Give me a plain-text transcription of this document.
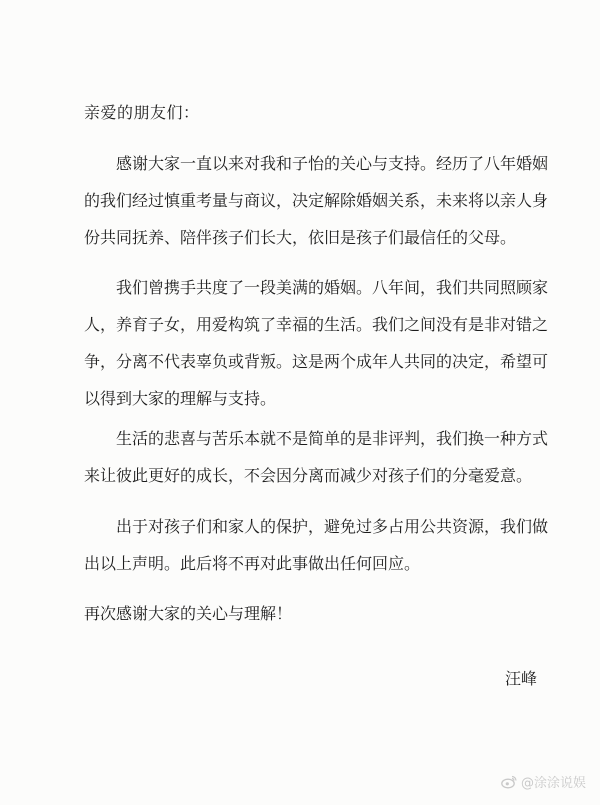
亲爱的朋友们：

感谢大家一直以来对我和子怡的关心与支持。经历了八年婚姻
的我们经过慎重考量与商议，决定解除婚姻关系，未来将以亲人身
份共同抚养、陪伴孩子们长大，依旧是孩子们最信任的父母。

我们曾携手共度了一段美满的婚姻。八年间，我们共同照顾家
人，养育子女，用爱构筑了幸福的生活。我们之间没有是非对错之
争，分离不代表辜负或背叛。这是两个成年人共同的决定，希望可
以得到大家的理解与支持。

生活的悲喜与苦乐本就不是简单的是非评判，我们换一种方式
来让彼此更好的成长，不会因分离而减少对孩子们的分毫爱意。

出于对孩子们和家人的保护，避免过多占用公共资源，我们做
出以上声明。此后将不再对此事做出任何回应。

再次感谢大家的关心与理解！

汪峰

@涂涂说娱
